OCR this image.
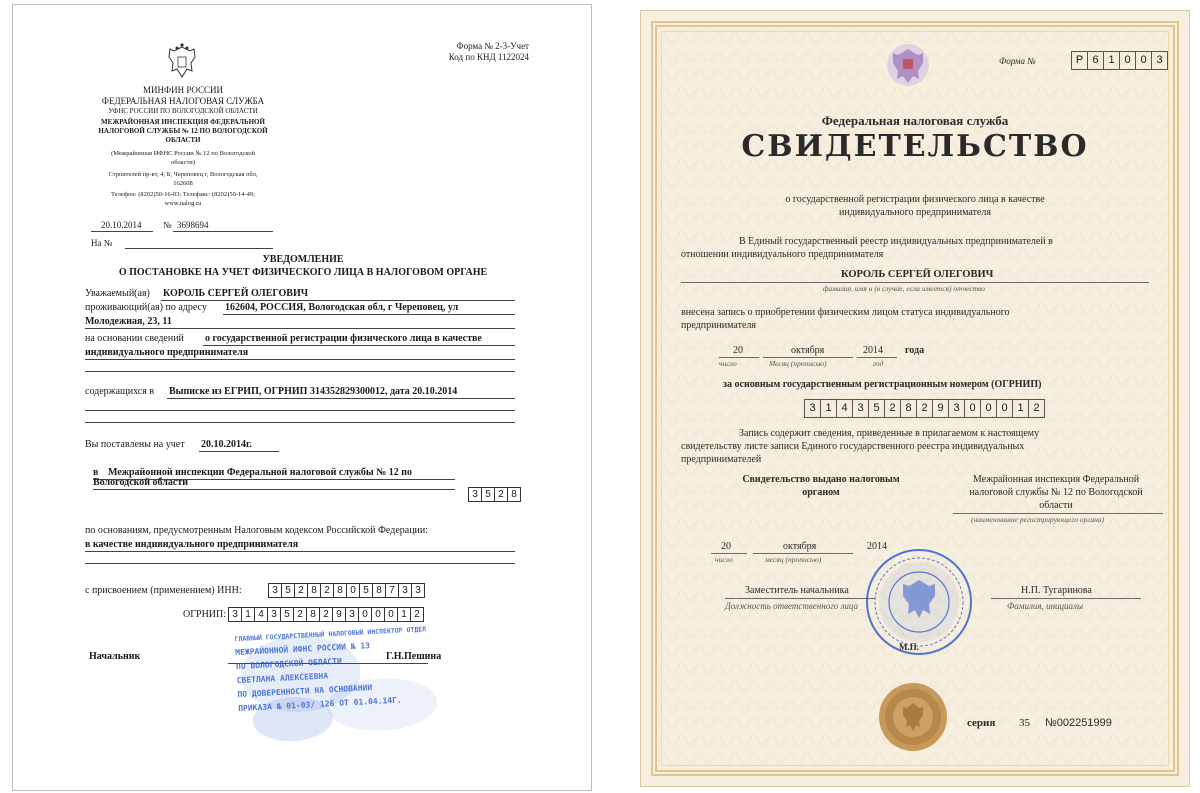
Форма № 2-3-Учет
Код по КНД 1122024
МИНФИН РОССИИ
ФЕДЕРАЛЬНАЯ НАЛОГОВАЯ СЛУЖБА
УФНС РОССИИ ПО ВОЛОГОДСКОЙ ОБЛАСТИ
МЕЖРАЙОННАЯ ИНСПЕКЦИЯ ФЕДЕРАЛЬНОЙ
НАЛОГОВОЙ СЛУЖБЫ № 12 ПО ВОЛОГОДСКОЙ
ОБЛАСТИ
(Межрайонная ИФНС России № 12 по Вологодской
области)
Строителей пр-кт, 4, Б, Череповец г, Вологодская обл,
162608
Телефон: (8202)50-16-03; Телефакс: (8202)50-14-49;
www.nalog.ru
20.10.2014 № 3698694
На №
УВЕДОМЛЕНИЕ
О ПОСТАНОВКЕ НА УЧЕТ ФИЗИЧЕСКОГО ЛИЦА В НАЛОГОВОМ ОРГАНЕ
Уважаемый(ая) КОРОЛЬ СЕРГЕЙ ОЛЕГОВИЧ
проживающий(ая) по адресу 162604, РОССИЯ, Вологодская обл, г Череповец, ул
Молодежная, 23, 11
на основании сведений о государственной регистрации физического лица в качестве
индивидуального предпринимателя
содержащихся в Выписке из ЕГРИП, ОГРНИП 314352829300012, дата 20.10.2014
Вы поставлены на учет 20.10.2014г.
в Межрайонной инспекции Федеральной налоговой службы № 12 по
Вологодской области
3 5 2 8
по основаниям, предусмотренным Налоговым кодексом Российской Федерации:
в качестве индивидуального предпринимателя
с присвоением (применением) ИНН:	3 5 2 8 2 8 0 5 8 7 3 3
ОГРНИП: 3 1 4 3 5 2 8 2 9 3 0 0 0 1 2
Начальник	Г.Н.Пешина
ГЛАВНЫЙ ГОСУДАРСТВЕННЫЙ НАЛОГОВЫЙ ИНСПЕКТОР ОТДЕЛ
МЕЖРАЙОННОЙ ИФНС РОССИИ № 13
ПО ВОЛОГОДСКОЙ ОБЛАСТИ
СВЕТЛАНА АЛЕКСЕЕВНА
ПО ДОВЕРЕННОСТИ НА ОСНОВАНИИ
ПРИКАЗА № 01-03/ 126 ОТ 01.04.14Г.
Форма №	Р 6 1 0 0 3
Федеральная налоговая служба
СВИДЕТЕЛЬСТВО
о государственной регистрации физического лица в качестве
индивидуального предпринимателя
В Единый государственный реестр индивидуальных предпринимателей в
отношении индивидуального предпринимателя
КОРОЛЬ СЕРГЕЙ ОЛЕГОВИЧ
фамилия, имя и (в случае, если имеется) отчество
внесена запись о приобретении физическим лицом статуса индивидуального
предпринимателя
20	октября	2014 года
число	Месяц (прописью)	год
за основным государственным регистрационным номером (ОГРНИП)
3 1 4 3 5 2 8 2 9 3 0 0 0 1 2
Запись содержит сведения, приведенные в прилагаемом к настоящему
свидетельству листе записи Единого государственного реестра индивидуальных
предпринимателей
Свидетельство выдано налоговым
органом
Межрайонная инспекция Федеральной
налоговой службы № 12 по Вологодской
области
(наименование регистрирующего органа)
20	октября	2014
число	месяц (прописью)
Заместитель начальника
Должность ответственного лица
Н.П. Тугаринова
Фамилия, инициалы
М.П.
серия 35 №002251999
